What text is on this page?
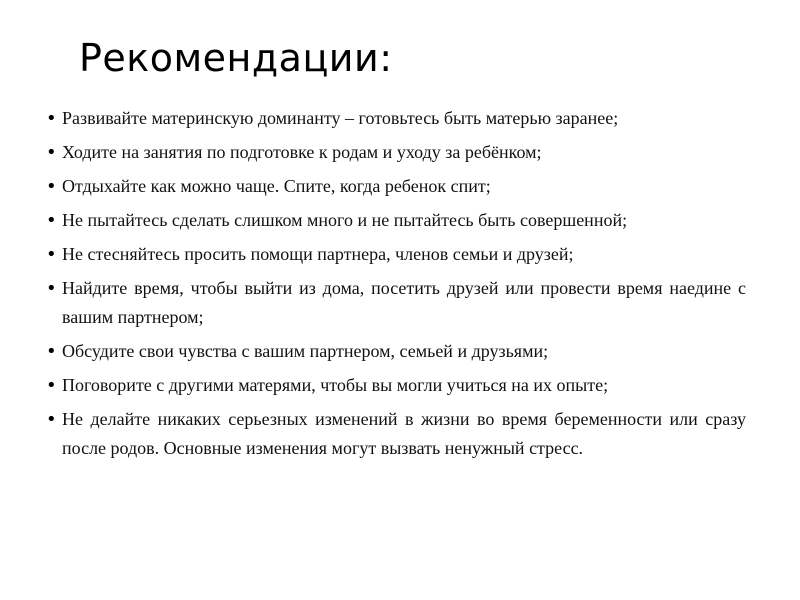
Рекомендации:
• Развивайте материнскую доминанту – готовьтесь быть матерью заранее;
• Ходите на занятия по подготовке к родам и уходу за ребёнком;
• Отдыхайте как можно чаще. Спите, когда ребенок спит;
• Не пытайтесь сделать слишком много и не пытайтесь быть совершенной;
• Не стесняйтесь просить помощи партнера, членов семьи и друзей;
• Найдите время, чтобы выйти из дома, посетить друзей или провести время наедине с вашим партнером;
• Обсудите свои чувства с вашим партнером, семьей и друзьями;
• Поговорите с другими матерями, чтобы вы могли учиться на их опыте;
• Не делайте никаких серьезных изменений в жизни во время беременности или сразу после родов. Основные изменения могут вызвать ненужный стресс.
